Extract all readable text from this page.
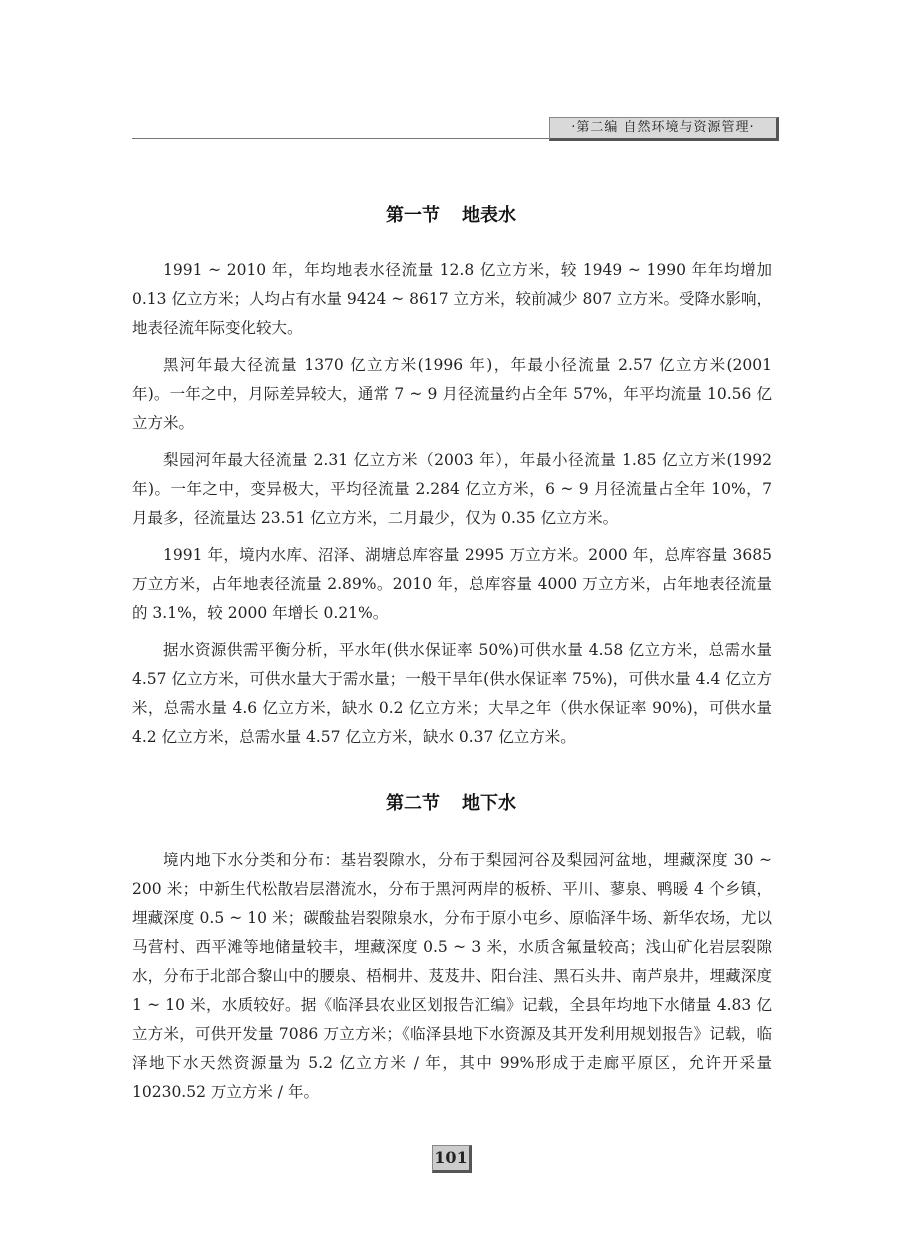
·第二编 自然环境与资源管理·
第一节 地表水

1991 ~ 2010 年，年均地表水径流量 12.8 亿立方米，较 1949 ~ 1990 年年均增加 0.13 亿立方米；人均占有水量 9424 ~ 8617 立方米，较前减少 807 立方米。受降水影响，地表径流年际变化较大。

黑河年最大径流量 1370 亿立方米(1996 年)，年最小径流量 2.57 亿立方米(2001 年)。一年之中，月际差异较大，通常 7 ~ 9 月径流量约占全年 57%，年平均流量 10.56 亿立方米。

梨园河年最大径流量 2.31 亿立方米（2003 年），年最小径流量 1.85 亿立方米(1992 年)。一年之中，变异极大，平均径流量 2.284 亿立方米，6 ~ 9 月径流量占全年 10%，7 月最多，径流量达 23.51 亿立方米，二月最少，仅为 0.35 亿立方米。

1991 年，境内水库、沼泽、湖塘总库容量 2995 万立方米。2000 年，总库容量 3685 万立方米，占年地表径流量 2.89%。2010 年，总库容量 4000 万立方米，占年地表径流量的 3.1%，较 2000 年增长 0.21%。

据水资源供需平衡分析，平水年(供水保证率 50%)可供水量 4.58 亿立方米，总需水量 4.57 亿立方米，可供水量大于需水量；一般干旱年(供水保证率 75%)，可供水量 4.4 亿立方米，总需水量 4.6 亿立方米，缺水 0.2 亿立方米；大旱之年（供水保证率 90%)，可供水量 4.2 亿立方米，总需水量 4.57 亿立方米，缺水 0.37 亿立方米。

第二节 地下水

境内地下水分类和分布：基岩裂隙水，分布于梨园河谷及梨园河盆地，埋藏深度 30 ~ 200 米；中新生代松散岩层潜流水，分布于黑河两岸的板桥、平川、蓼泉、鸭暖 4 个乡镇，埋藏深度 0.5 ~ 10 米；碳酸盐岩裂隙泉水，分布于原小屯乡、原临泽牛场、新华农场，尤以马营村、西平滩等地储量较丰，埋藏深度 0.5 ~ 3 米，水质含氟量较高；浅山矿化岩层裂隙水，分布于北部合黎山中的腰泉、梧桐井、芨芨井、阳台洼、黑石头井、南芦泉井，埋藏深度 1 ~ 10 米，水质较好。据《临泽县农业区划报告汇编》记载，全县年均地下水储量 4.83 亿立方米，可供开发量 7086 万立方米；《临泽县地下水资源及其开发利用规划报告》记载，临泽地下水天然资源量为 5.2 亿立方米 / 年，其中 99%形成于走廊平原区，允许开采量 10230.52 万立方米 / 年。

101
